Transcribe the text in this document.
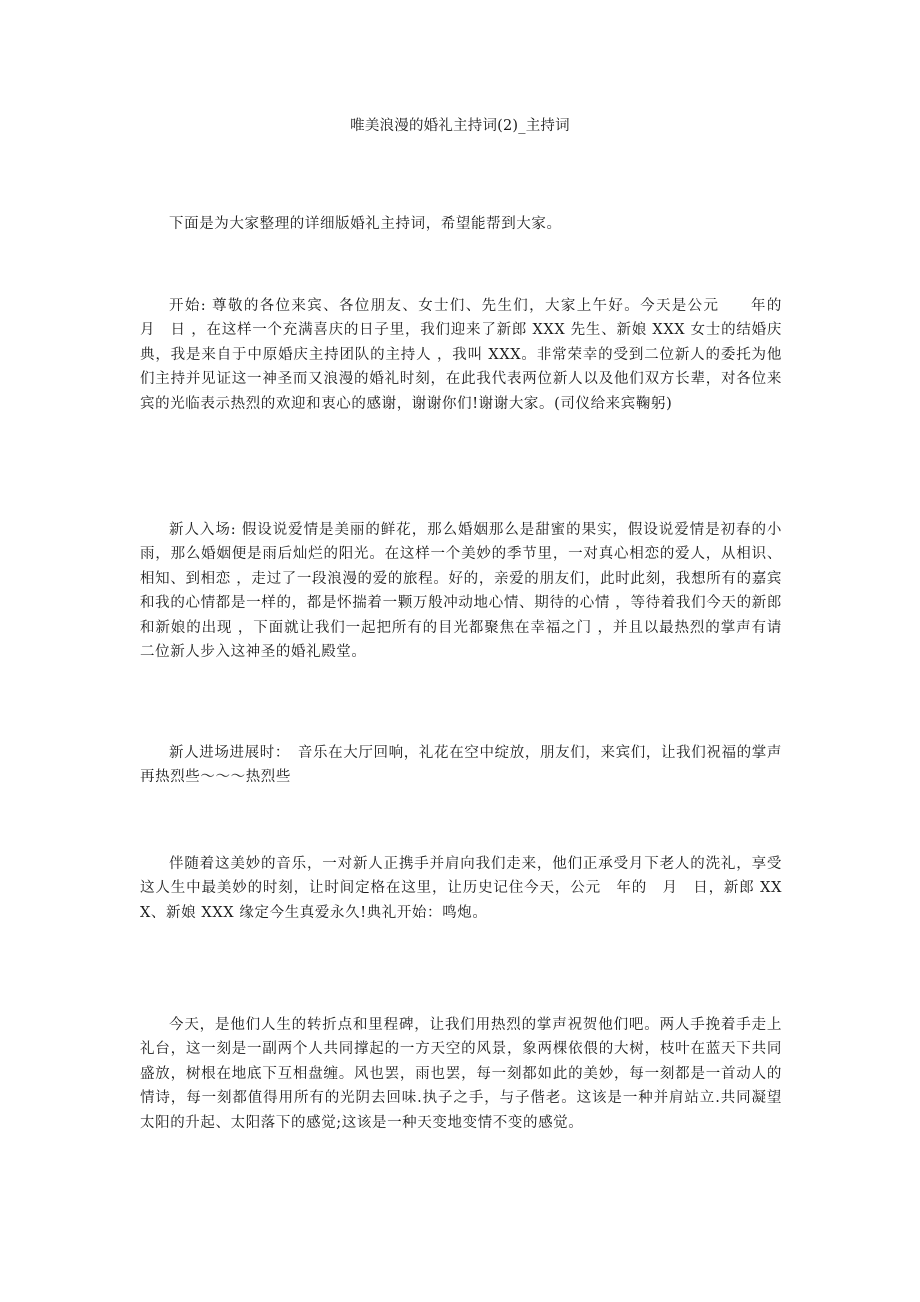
唯美浪漫的婚礼主持词(2)_主持词

下面是为大家整理的详细版婚礼主持词，希望能帮到大家。

开始: 尊敬的各位来宾、各位朋友、女士们、先生们，大家上午好。今天是公元　　年的　月　日 ，在这样一个充满喜庆的日子里，我们迎来了新郎 XXX 先生、新娘 XXX 女士的结婚庆典，我是来自于中原婚庆主持团队的主持人 ，我叫 XXX。非常荣幸的受到二位新人的委托为他们主持并见证这一神圣而又浪漫的婚礼时刻，在此我代表两位新人以及他们双方长辈，对各位来宾的光临表示热烈的欢迎和衷心的感谢，谢谢你们!谢谢大家。(司仪给来宾鞠躬)

新人入场: 假设说爱情是美丽的鲜花，那么婚姻那么是甜蜜的果实，假设说爱情是初春的小雨，那么婚姻便是雨后灿烂的阳光。在这样一个美妙的季节里，一对真心相恋的爱人，从相识、相知、到相恋 ，走过了一段浪漫的爱的旅程。好的，亲爱的朋友们，此时此刻，我想所有的嘉宾和我的心情都是一样的，都是怀揣着一颗万般冲动地心情、期待的心情 ，等待着我们今天的新郎和新娘的出现 ，下面就让我们一起把所有的目光都聚焦在幸福之门 ，并且以最热烈的掌声有请二位新人步入这神圣的婚礼殿堂。

新人进场进展时：　音乐在大厅回响，礼花在空中绽放，朋友们，来宾们，让我们祝福的掌声再热烈些～～～热烈些

伴随着这美妙的音乐，一对新人正携手并肩向我们走来，他们正承受月下老人的洗礼，享受这人生中最美妙的时刻，让时间定格在这里，让历史记住今天，公元　年的　月　日，新郎 XXX、新娘 XXX 缘定今生真爱永久!典礼开始：鸣炮。

今天，是他们人生的转折点和里程碑，让我们用热烈的掌声祝贺他们吧。两人手挽着手走上礼台，这一刻是一副两个人共同撑起的一方天空的风景，象两棵依偎的大树，枝叶在蓝天下共同盛放，树根在地底下互相盘缠。风也罢，雨也罢，每一刻都如此的美妙，每一刻都是一首动人的情诗，每一刻都值得用所有的光阴去回味.执子之手，与子偕老。这该是一种并肩站立.共同凝望太阳的升起、太阳落下的感觉;这该是一种天变地变情不变的感觉。
